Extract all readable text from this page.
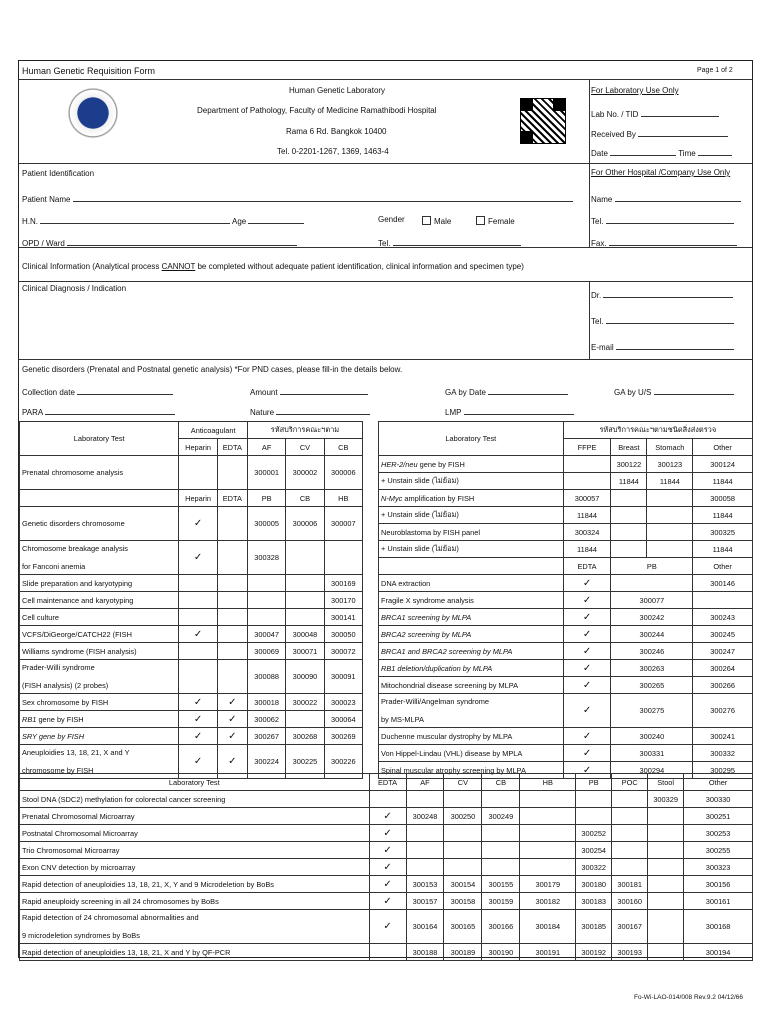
Human Genetic Requisition Form	Page 1 of 2
Human Genetic Laboratory
Department of Pathology, Faculty of Medicine Ramathibodi Hospital
Rama 6 Rd. Bangkok 10400
Tel. 0-2201-1267, 1369, 1463-4
For Laboratory Use Only
Lab No. / TID
Received By
Date	Time
Patient Identification	For Other Hospital /Company Use Only
Patient Name
H.N.	Age	Gender	Male	Female
OPD / Ward	Tel.
Name
Tel.
Fax.
Clinical Information (Analytical process CANNOT be completed without adequate patient identification, clinical information and specimen type)
Clinical Diagnosis / Indication
Dr.
Tel.
E-mail
Genetic disorders (Prenatal and Postnatal genetic analysis) *For PND cases, please fill-in the details below.
Collection date	Amount	GA by Date	GA by U/S
PARA	Nature	LMP
Laboratory Test	Anticoagulant		รหัสบริการคณะฯตาม		
	Heparin	EDTA	AF	CV	CB
Prenatal chromosome analysis			300001	300002	300006
	Heparin	EDTA	PB	CB	HB
Genetic disorders chromosome	✓		300005	300006	300007
Chromosome breakage analysis

for Fanconi anemia	✓		300328		
Slide preparation and karyotyping					300169
Cell maintenance and karyotyping					300170
Cell culture					300141
VCFS/DiGeorge/CATCH22 (FISH	✓		300047	300048	300050
Williams syndrome (FISH analysis)			300069	300071	300072
Prader-Willi syndrome

(FISH analysis) (2 probes)			300088	300090	300091
Sex chromosome by FISH	✓	✓	300018	300022	300023
RB1 gene by FISH	✓	✓	300062		300064
SRY gene by FISH	✓	✓	300267	300268	300269
Aneuploidies 13, 18, 21, X and Y

chromosome by FISH	✓	✓	300224	300225	300226
Laboratory Test	รหัสบริการคณะฯตามชนิดสิ่งส่งตรวจ			
	FFPE	Breast	Stomach	Other
HER-2/neu gene by FISH		300122	300123	300124
+ Unstain slide (ไม่ย้อม)		11844	11844	11844
N-Myc amplification by FISH	300057			300058
+ Unstain slide (ไม่ย้อม)	11844			11844
Neuroblastoma by FISH panel	300324			300325
+ Unstain slide (ไม่ย้อม)	11844			11844
	EDTA	PB		Other
DNA extraction	✓			300146
Fragile X syndrome analysis	✓	300077		
BRCA1 screening by MLPA	✓	300242		300243
BRCA2 screening by MLPA	✓	300244		300245
BRCA1 and BRCA2 screening by MLPA	✓	300246		300247
RB1 deletion/duplication by MLPA	✓	300263		300264
Mitochondrial disease screening by MLPA	✓	300265		300266
Prader-Willi/Angelman syndrome

by MS-MLPA	✓	300275		300276
Duchenne muscular dystrophy by MLPA	✓	300240		300241
Von Hippel-Lindau (VHL) disease by MPLA	✓	300331		300332
Spinal muscular atrophy screening by MLPA	✓	300294		300295
Laboratory Test	EDTA	AF	CV	CB	HB	PB	POC	Stool	Other
Stool DNA (SDC2) methylation for colorectal cancer screening								300329	300330
Prenatal Chromosomal Microarray	✓	300248	300250	300249					300251
Postnatal Chromosomal Microarray	✓					300252			300253
Trio Chromosomal Microarray	✓					300254			300255
Exon CNV detection by microarray	✓					300322			300323
Rapid detection of aneuploidies 13, 18, 21, X, Y and 9 Microdeletion by BoBs	✓	300153	300154	300155	300179	300180	300181		300156
Rapid aneuploidy screening in all 24 chromosomes by BoBs	✓	300157	300158	300159	300182	300183	300160		300161
Rapid detection of 24 chromosomal abnormalities and

9 microdeletion syndromes by BoBs	✓	300164	300165	300166	300184	300185	300167		300168
Rapid detection of aneuploidies 13, 18, 21, X and Y by QF-PCR		300188	300189	300190	300191	300192	300193		300194
Fo-Wi-LAO-014/008 Rev.9.2 04/12/66
